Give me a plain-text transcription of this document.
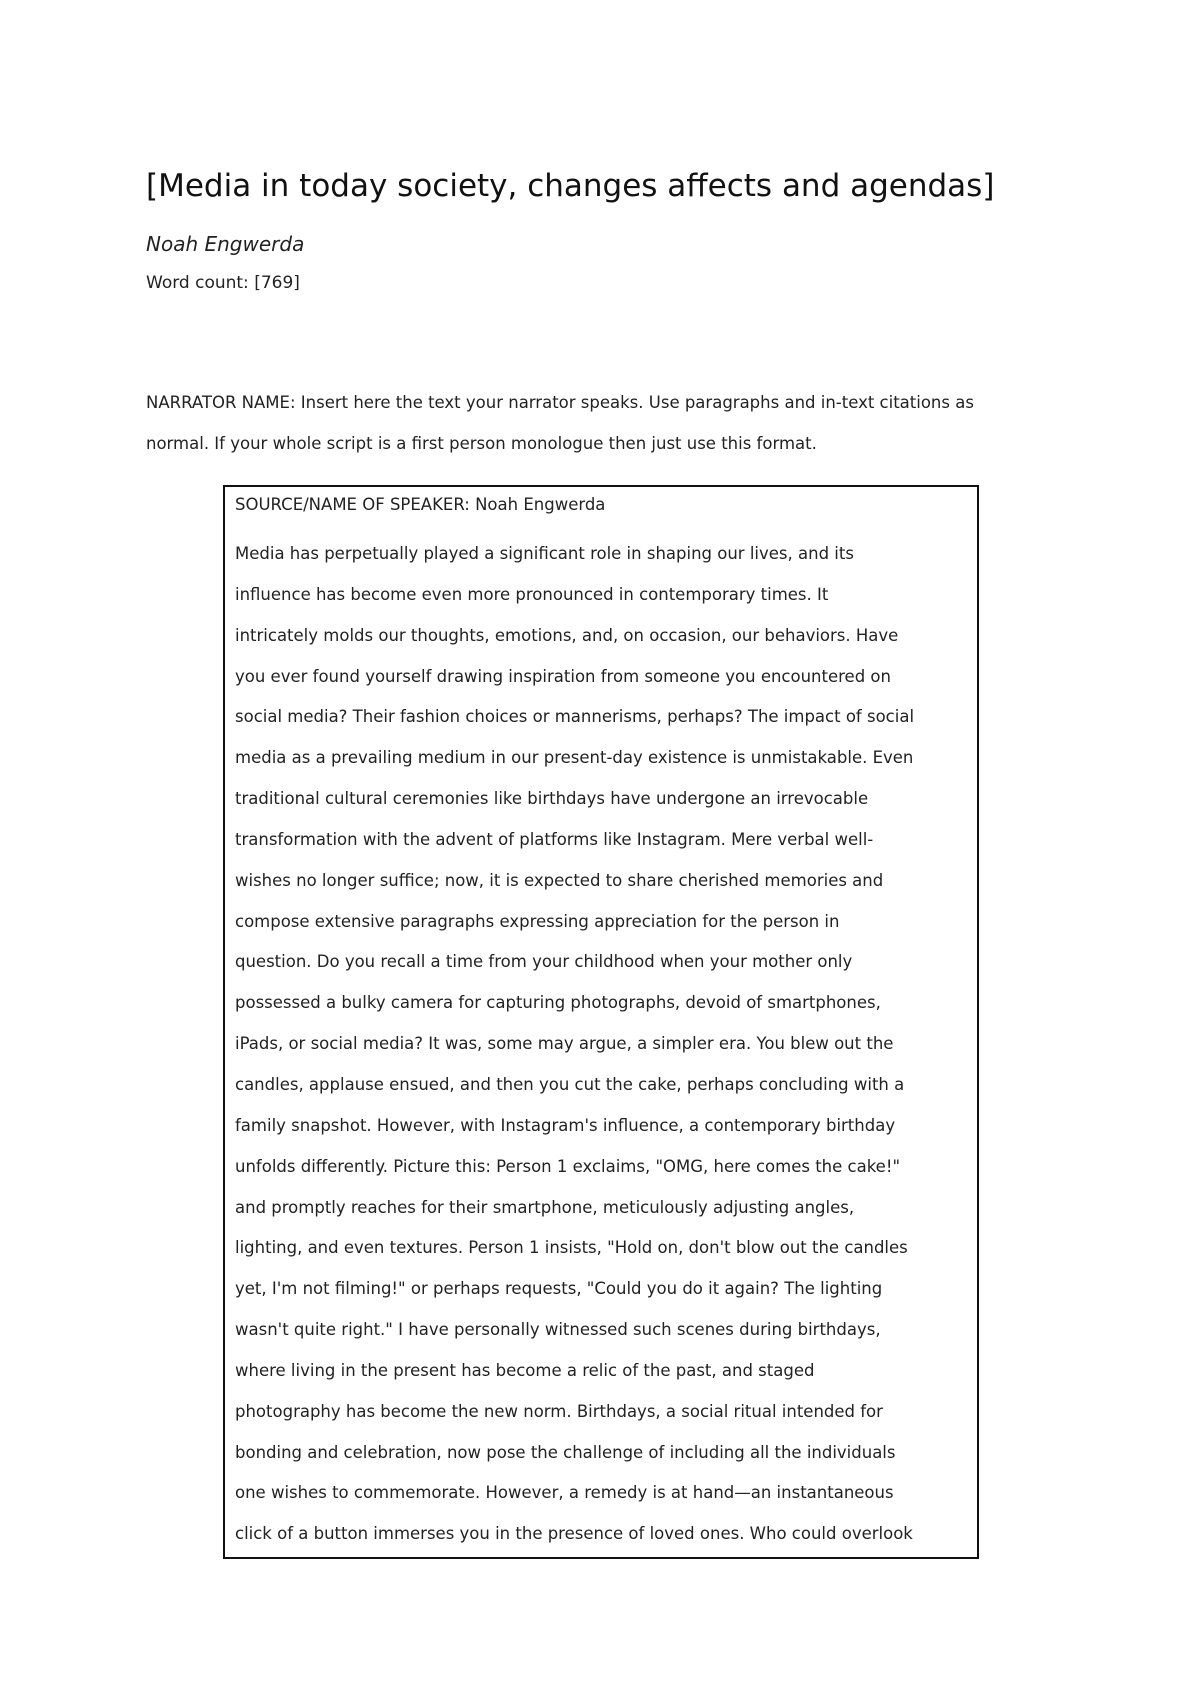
[Media in today society, changes affects and agendas]
Noah Engwerda
Word count: [769]
NARRATOR NAME: Insert here the text your narrator speaks. Use paragraphs and in-text citations as
normal. If your whole script is a first person monologue then just use this format.
SOURCE/NAME OF SPEAKER: Noah Engwerda
Media has perpetually played a significant role in shaping our lives, and its
influence has become even more pronounced in contemporary times. It
intricately molds our thoughts, emotions, and, on occasion, our behaviors. Have
you ever found yourself drawing inspiration from someone you encountered on
social media? Their fashion choices or mannerisms, perhaps? The impact of social
media as a prevailing medium in our present-day existence is unmistakable. Even
traditional cultural ceremonies like birthdays have undergone an irrevocable
transformation with the advent of platforms like Instagram. Mere verbal well-
wishes no longer suffice; now, it is expected to share cherished memories and
compose extensive paragraphs expressing appreciation for the person in
question. Do you recall a time from your childhood when your mother only
possessed a bulky camera for capturing photographs, devoid of smartphones,
iPads, or social media? It was, some may argue, a simpler era. You blew out the
candles, applause ensued, and then you cut the cake, perhaps concluding with a
family snapshot. However, with Instagram's influence, a contemporary birthday
unfolds differently. Picture this: Person 1 exclaims, "OMG, here comes the cake!"
and promptly reaches for their smartphone, meticulously adjusting angles,
lighting, and even textures. Person 1 insists, "Hold on, don't blow out the candles
yet, I'm not filming!" or perhaps requests, "Could you do it again? The lighting
wasn't quite right." I have personally witnessed such scenes during birthdays,
where living in the present has become a relic of the past, and staged
photography has become the new norm. Birthdays, a social ritual intended for
bonding and celebration, now pose the challenge of including all the individuals
one wishes to commemorate. However, a remedy is at hand—an instantaneous
click of a button immerses you in the presence of loved ones. Who could overlook
